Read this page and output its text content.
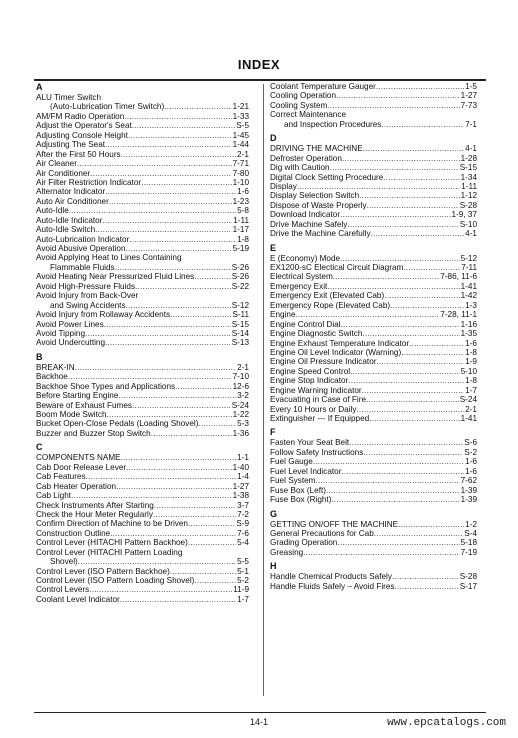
INDEX
A
ALU Timer Switch
(Auto-Lubrication Timer Switch) .....	1-21
AM/FM Radio Operation .....	1-33
Adjust the Operator's Seat .....	S-5
Adjusting Console Height .....	1-45
Adjusting The Seat .....	1-44
After the First 50 Hours .....	2-1
Air Cleaner .....	7-71
Air Conditioner .....	7-80
Air Filter Restriction Indicator .....	1-10
Alternator Indicator .....	1-6
Auto Air Conditioner .....	1-23
Auto-Idle .....	5-8
Auto-Idle Indicator .....	1-11
Auto-Idle Switch .....	1-17
Auto-Lubrication Indicator .....	1-8
Avoid Abusive Operation .....	5-19
Avoid Applying Heat to Lines Containing
Flammable Fluids .....	S-26
Avoid Heating Near Pressurized Fluid Lines .....	S-26
Avoid High-Pressure Fluids .....	S-22
Avoid Injury from Back-Over
and Swing Accidents .....	S-12
Avoid Injury from Rollaway Accidents .....	S-11
Avoid Power Lines .....	S-15
Avoid Tipping .....	S-14
Avoid Undercutting .....	S-13
B
BREAK-IN .....	2-1
Backhoe .....	7-10
Backhoe Shoe Types and Applications .....	12-6
Before Starting Engine .....	3-2
Beware of Exhaust Fumes .....	S-24
Boom Mode Switch .....	1-22
Bucket Open-Close Pedals (Loading Shovel) .....	5-3
Buzzer and Buzzer Stop Switch .....	1-36
C
COMPONENTS NAME .....	1-1
Cab Door Release Lever .....	1-40
Cab Features .....	1-4
Cab Heater Operation .....	1-27
Cab Light .....	1-38
Check Instruments After Starting .....	3-7
Check the Hour Meter Regularly .....	7-2
Confirm Direction of Machine to be Driven .....	S-9
Construction Outline .....	7-6
Control Lever (HITACHI Pattern Backhoe) .....	5-4
Control Lever (HITACHI Pattern Loading
Shovel) .....	5-5
Control Lever (ISO Pattern Backhoe) .....	5-1
Control Lever (ISO Pattern Loading Shovel) .....	5-2
Control Levers .....	11-9
Coolant Level Indicator .....	1-7
Coolant Temperature Gauger .....	1-5
Cooling Operation .....	1-27
Cooling System .....	7-73
Correct Maintenance
and Inspection Procedures .....	7-1
D
DRIVING THE MACHINE .....	4-1
Defroster Operation .....	1-28
Dig with Caution .....	S-15
Digital Clock Setting Procedure .....	1-34
Display .....	1-11
Display Selection Switch .....	1-12
Dispose of Waste Properly .....	S-28
Download Indicator .....	1-9, 37
Drive Machine Safely .....	S-10
Drive the Machine Carefully .....	4-1
E
E (Economy) Mode .....	5-12
EX1200-sC Electical Circuit Diagram .....	7-11
Electrical System .....	7-86, 11-6
Emergency Exit .....	1-41
Emergency Exit (Elevated Cab) .....	1-42
Emergency Rope (Elevated Cab) .....	1-3
Engine .....	7-28, 11-1
Engine Control Dial .....	1-16
Engine Diagnostic Switch .....	1-35
Engine Exhaust Temperature Indicator .....	1-6
Engine Oil Level Indicator (Warning) .....	1-8
Engine Oil Pressure Indicator .....	1-9
Engine Speed Control .....	5-10
Engine Stop Indicator .....	1-8
Engine Warning Indicator .....	1-7
Evacuating in Case of Fire .....	S-24
Every 10 Hours or Daily .....	2-1
Extinguisher --- If Equipped .....	1-41
F
Fasten Your Seat Belt .....	S-6
Follow Safety Instructions .....	S-2
Fuel Gauge .....	1-6
Fuel Level Indicator .....	1-6
Fuel System .....	7-62
Fuse Box (Left) .....	1-39
Fuse Box (Right) .....	1-39
G
GETTING ON/OFF THE MACHINE .....	1-2
General Precautions for Cab .....	S-4
Grading Operation .....	5-18
Greasing .....	7-19
H
Handle Chemical Products Safely .....	S-28
Handle Fluids Safely – Avoid Fires .....	S-17
14-1	www.epcatalogs.com
